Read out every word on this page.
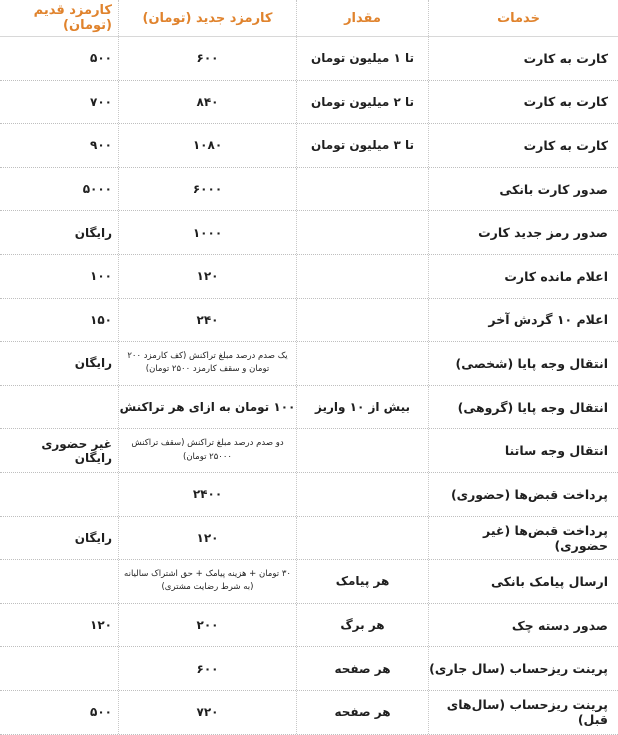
خدمات
مقدار
کارمزد جدید (تومان)
کارمزد قدیم (تومان)
کارت به کارت
تا ۱ میلیون تومان
۶۰۰
۵۰۰
کارت به کارت
تا ۲ میلیون تومان
۸۴۰
۷۰۰
کارت به کارت
تا ۳ میلیون تومان
۱۰۸۰
۹۰۰
صدور کارت بانکی
۶۰۰۰
۵۰۰۰
صدور رمز جدید کارت
۱۰۰۰
رایگان
اعلام مانده کارت
۱۲۰
۱۰۰
اعلام ۱۰ گردش آخر
۲۴۰
۱۵۰
انتقال وجه پایا (شخصی)
یک صدم درصد مبلغ تراکنش (کف کارمزد ۲۰۰ تومان و سقف کارمزد ۲۵۰۰ تومان)
رایگان
انتقال وجه پایا (گروهی)
بیش از ۱۰ واریز
۱۰۰ تومان به ازای هر تراکنش
انتقال وجه ساتنا
دو صدم درصد مبلغ تراکنش (سقف تراکنش ۲۵۰۰۰ تومان)
غیر حضوری رایگان
پرداخت قبض‌ها (حضوری)
۲۴۰۰
پرداخت قبض‌ها (غیر حضوری)
۱۲۰
رایگان
ارسال پیامک بانکی
هر پیامک
۳۰ تومان + هزینه پیامک + حق اشتراک سالیانه (به شرط رضایت مشتری)
صدور دسته چک
هر برگ
۲۰۰
۱۲۰
پرینت ریزحساب (سال جاری)
هر صفحه
۶۰۰
پرینت ریزحساب (سال‌های قبل)
هر صفحه
۷۲۰
۵۰۰
